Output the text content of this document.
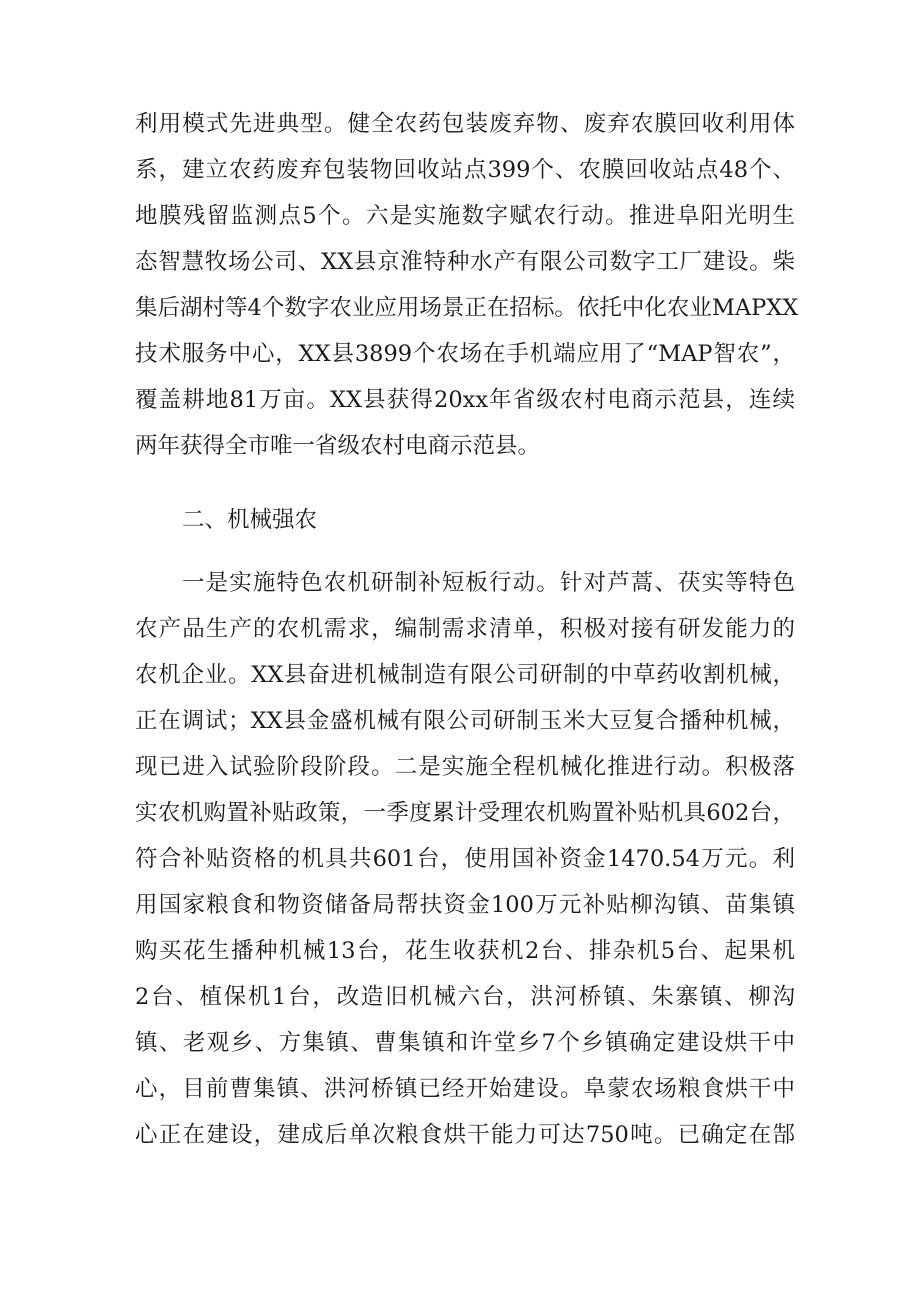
利用模式先进典型。健全农药包装废弃物、废弃农膜回收利用体
系，建立农药废弃包装物回收站点399个、农膜回收站点48个、
地膜残留监测点5个。六是实施数字赋农行动。推进阜阳光明生
态智慧牧场公司、XX县京淮特种水产有限公司数字工厂建设。柴
集后湖村等4个数字农业应用场景正在招标。依托中化农业MAPXX
技术服务中心，XX县3899个农场在手机端应用了“MAP智农”，
覆盖耕地81万亩。XX县获得20xx年省级农村电商示范县，连续
两年获得全市唯一省级农村电商示范县。
二、机械强农
一是实施特色农机研制补短板行动。针对芦蒿、茯实等特色
农产品生产的农机需求，编制需求清单，积极对接有研发能力的
农机企业。XX县奋进机械制造有限公司研制的中草药收割机械，
正在调试；XX县金盛机械有限公司研制玉米大豆复合播种机械，
现已进入试验阶段阶段。二是实施全程机械化推进行动。积极落
实农机购置补贴政策，一季度累计受理农机购置补贴机具602台，
符合补贴资格的机具共601台，使用国补资金1470.54万元。利
用国家粮食和物资储备局帮扶资金100万元补贴柳沟镇、苗集镇
购买花生播种机械13台，花生收获机2台、排杂机5台、起果机
2台、植保机1台，改造旧机械六台，洪河桥镇、朱寨镇、柳沟
镇、老观乡、方集镇、曹集镇和许堂乡7个乡镇确定建设烘干中
心，目前曹集镇、洪河桥镇已经开始建设。阜蒙农场粮食烘干中
心正在建设，建成后单次粮食烘干能力可达750吨。已确定在郜
